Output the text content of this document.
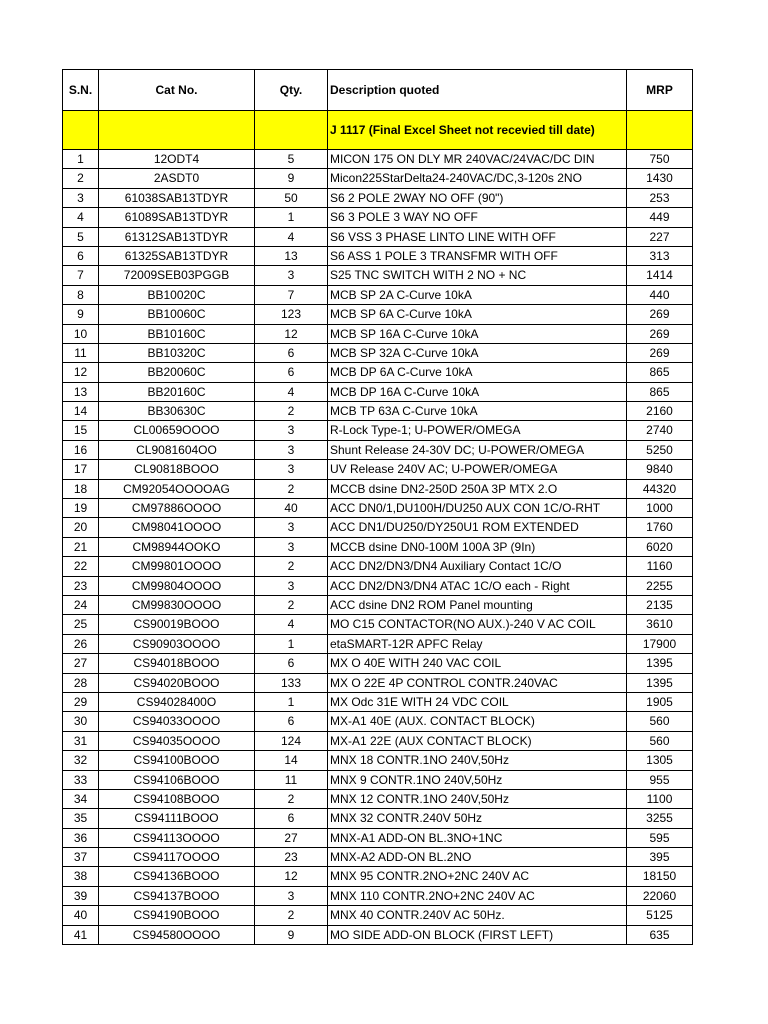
S.N.	Cat No.	Qty.	Description quoted	MRP
			J 1117 (Final Excel Sheet not recevied till date)	
1	12ODT4	5	MICON 175 ON DLY MR 240VAC/24VAC/DC DIN	750
2	2ASDT0	9	Micon225StarDelta24-240VAC/DC,3-120s 2NO	1430
3	61038SAB13TDYR	50	S6 2 POLE 2WAY NO OFF (90")	253
4	61089SAB13TDYR	1	S6 3 POLE 3 WAY NO OFF	449
5	61312SAB13TDYR	4	S6 VSS 3 PHASE LINTO LINE WITH OFF	227
6	61325SAB13TDYR	13	S6 ASS 1 POLE 3 TRANSFMR WITH OFF	313
7	72009SEB03PGGB	3	S25 TNC SWITCH WITH 2 NO + NC	1414
8	BB10020C	7	MCB SP 2A C-Curve 10kA	440
9	BB10060C	123	MCB SP 6A C-Curve 10kA	269
10	BB10160C	12	MCB SP 16A C-Curve 10kA	269
11	BB10320C	6	MCB SP 32A C-Curve 10kA	269
12	BB20060C	6	MCB DP 6A C-Curve 10kA	865
13	BB20160C	4	MCB DP 16A C-Curve 10kA	865
14	BB30630C	2	MCB TP 63A C-Curve 10kA	2160
15	CL00659OOOO	3	R-Lock Type-1; U-POWER/OMEGA	2740
16	CL9081604OO	3	Shunt Release 24-30V DC; U-POWER/OMEGA	5250
17	CL90818BOOO	3	UV Release 240V AC; U-POWER/OMEGA	9840
18	CM92054OOOOAG	2	MCCB dsine DN2-250D 250A 3P MTX 2.O	44320
19	CM97886OOOO	40	ACC DN0/1,DU100H/DU250 AUX CON 1C/O-RHT	1000
20	CM98041OOOO	3	ACC DN1/DU250/DY250U1 ROM EXTENDED	1760
21	CM98944OOKO	3	MCCB dsine DN0-100M 100A 3P (9In)	6020
22	CM99801OOOO	2	ACC DN2/DN3/DN4 Auxiliary Contact 1C/O	1160
23	CM99804OOOO	3	ACC DN2/DN3/DN4 ATAC 1C/O each - Right	2255
24	CM99830OOOO	2	ACC dsine DN2 ROM Panel mounting	2135
25	CS90019BOOO	4	MO C15 CONTACTOR(NO AUX.)-240 V AC COIL	3610
26	CS90903OOOO	1	etaSMART-12R APFC Relay	17900
27	CS94018BOOO	6	MX O 40E WITH 240 VAC COIL	1395
28	CS94020BOOO	133	MX O 22E 4P CONTROL CONTR.240VAC	1395
29	CS94028400O	1	MX Odc 31E WITH 24 VDC COIL	1905
30	CS94033OOOO	6	MX-A1 40E (AUX. CONTACT BLOCK)	560
31	CS94035OOOO	124	MX-A1 22E (AUX CONTACT BLOCK)	560
32	CS94100BOOO	14	MNX 18 CONTR.1NO 240V,50Hz	1305
33	CS94106BOOO	11	MNX 9 CONTR.1NO 240V,50Hz	955
34	CS94108BOOO	2	MNX 12 CONTR.1NO 240V,50Hz	1100
35	CS94111BOOO	6	MNX 32 CONTR.240V 50Hz	3255
36	CS94113OOOO	27	MNX-A1 ADD-ON BL.3NO+1NC	595
37	CS94117OOOO	23	MNX-A2 ADD-ON BL.2NO	395
38	CS94136BOOO	12	MNX 95 CONTR.2NO+2NC 240V AC	18150
39	CS94137BOOO	3	MNX 110 CONTR.2NO+2NC 240V AC	22060
40	CS94190BOOO	2	MNX 40 CONTR.240V AC 50Hz.	5125
41	CS94580OOOO	9	MO SIDE ADD-ON BLOCK (FIRST LEFT)	635
